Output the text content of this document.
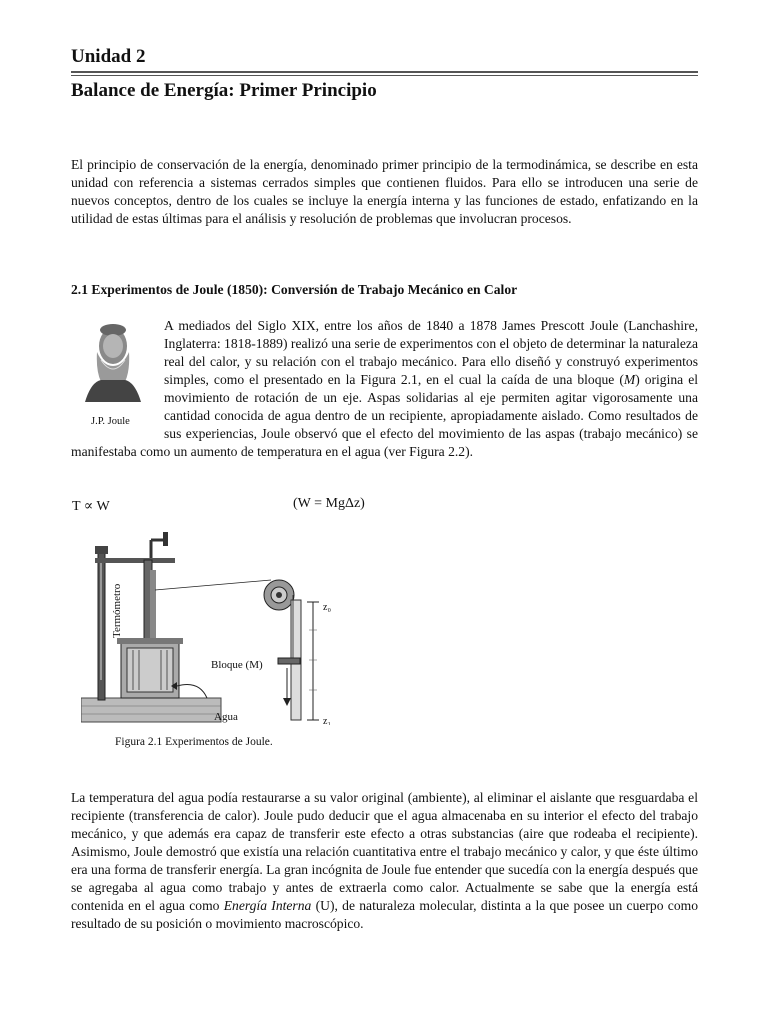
Unidad 2
Balance de Energía: Primer Principio

El principio de conservación de la energía, denominado primer principio de la termodinámica, se describe en esta unidad con referencia a sistemas cerrados simples que contienen fluidos. Para ello se introducen una serie de nuevos conceptos, dentro de los cuales se incluye la energía interna y las funciones de estado, enfatizando en la utilidad de estas últimas para el análisis y resolución de problemas que involucran procesos.

2.1 Experimentos de Joule (1850): Conversión de Trabajo Mecánico en Calor
J.P. Joule
A mediados del Siglo XIX, entre los años de 1840 a 1878 James Prescott Joule (Lanchashire, Inglaterra: 1818-1889) realizó una serie de experimentos con el objeto de determinar la naturaleza real del calor, y su relación con el trabajo mecánico. Para ello diseñó y construyó experimentos simples, como el presentado en la Figura 2.1, en el cual la caída de una bloque (M) origina el movimiento de rotación de un eje. Aspas solidarias al eje permiten agitar vigorosamente una cantidad conocida de agua dentro de un recipiente, apropiadamente aislado. Como resultados de sus experiencias, Joule observó que el efecto del movimiento de las aspas (trabajo mecánico) se manifestaba como un aumento de temperatura en el agua (ver Figura 2.2).
T ∝ W	(W = MgΔz)
Termómetro
Bloque (M)
Agua
z₀
z₁
Figura 2.1 Experimentos de Joule.

La temperatura del agua podía restaurarse a su valor original (ambiente), al eliminar el aislante que resguardaba el recipiente (transferencia de calor). Joule pudo deducir que el agua almacenaba en su interior el efecto del trabajo mecánico, y que además era capaz de transferir este efecto a otras substancias (aire que rodeaba el recipiente). Asimismo, Joule demostró que existía una relación cuantitativa entre el trabajo mecánico y calor, y que éste último era una forma de transferir energía. La gran incógnita de Joule fue entender que sucedía con la energía después que se agregaba al agua como trabajo y antes de extraerla como calor. Actualmente se sabe que la energía está contenida en el agua como Energía Interna (U), de naturaleza molecular, distinta a la que posee un cuerpo como resultado de su posición o movimiento macroscópico.
